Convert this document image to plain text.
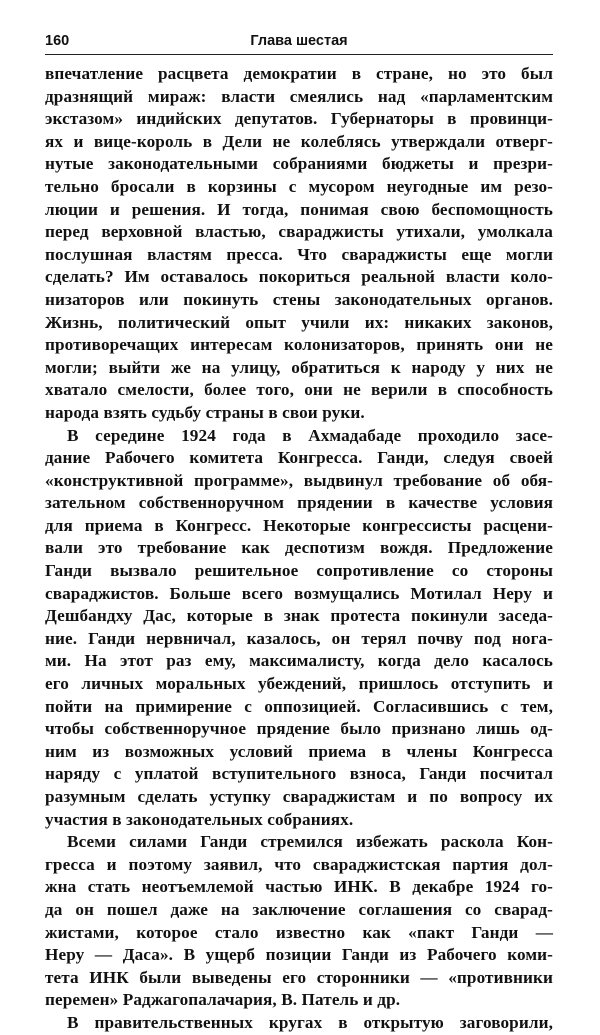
160	Глава шестая
впечатление расцвета демократии в стране, но это был
дразнящий мираж: власти смеялись над «парламентским
экстазом» индийских депутатов. Губернаторы в провинци-
ях и вице-король в Дели не колеблясь утверждали отверг-
нутые законодательными собраниями бюджеты и презри-
тельно бросали в корзины с мусором неугодные им резо-
люции и решения. И тогда, понимая свою беспомощность
перед верховной властью, свараджисты утихали, умолкала
послушная властям пресса. Что свараджисты еще могли
сделать? Им оставалось покориться реальной власти коло-
низаторов или покинуть стены законодательных органов.
Жизнь, политический опыт учили их: никаких законов,
противоречащих интересам колонизаторов, принять они не
могли; выйти же на улицу, обратиться к народу у них не
хватало смелости, более того, они не верили в способность
народа взять судьбу страны в свои руки.
В середине 1924 года в Ахмадабаде проходило засе-
дание Рабочего комитета Конгресса. Ганди, следуя своей
«конструктивной программе», выдвинул требование об обя-
зательном собственноручном прядении в качестве условия
для приема в Конгресс. Некоторые конгрессисты расцени-
вали это требование как деспотизм вождя. Предложение
Ганди вызвало решительное сопротивление со стороны
свараджистов. Больше всего возмущались Мотилал Неру и
Дешбандху Дас, которые в знак протеста покинули заседа-
ние. Ганди нервничал, казалось, он терял почву под нога-
ми. На этот раз ему, максималисту, когда дело касалось
его личных моральных убеждений, пришлось отступить и
пойти на примирение с оппозицией. Согласившись с тем,
чтобы собственноручное прядение было признано лишь од-
ним из возможных условий приема в члены Конгресса
наряду с уплатой вступительного взноса, Ганди посчитал
разумным сделать уступку свараджистам и по вопросу их
участия в законодательных собраниях.
Всеми силами Ганди стремился избежать раскола Кон-
гресса и поэтому заявил, что свараджистская партия дол-
жна стать неотъемлемой частью ИНК. В декабре 1924 го-
да он пошел даже на заключение соглашения со сварад-
жистами, которое стало известно как «пакт Ганди —
Неру — Даса». В ущерб позиции Ганди из Рабочего коми-
тета ИНК были выведены его сторонники — «противники
перемен» Раджагопалачария, В. Патель и др.
В правительственных кругах в открытую заговорили,
